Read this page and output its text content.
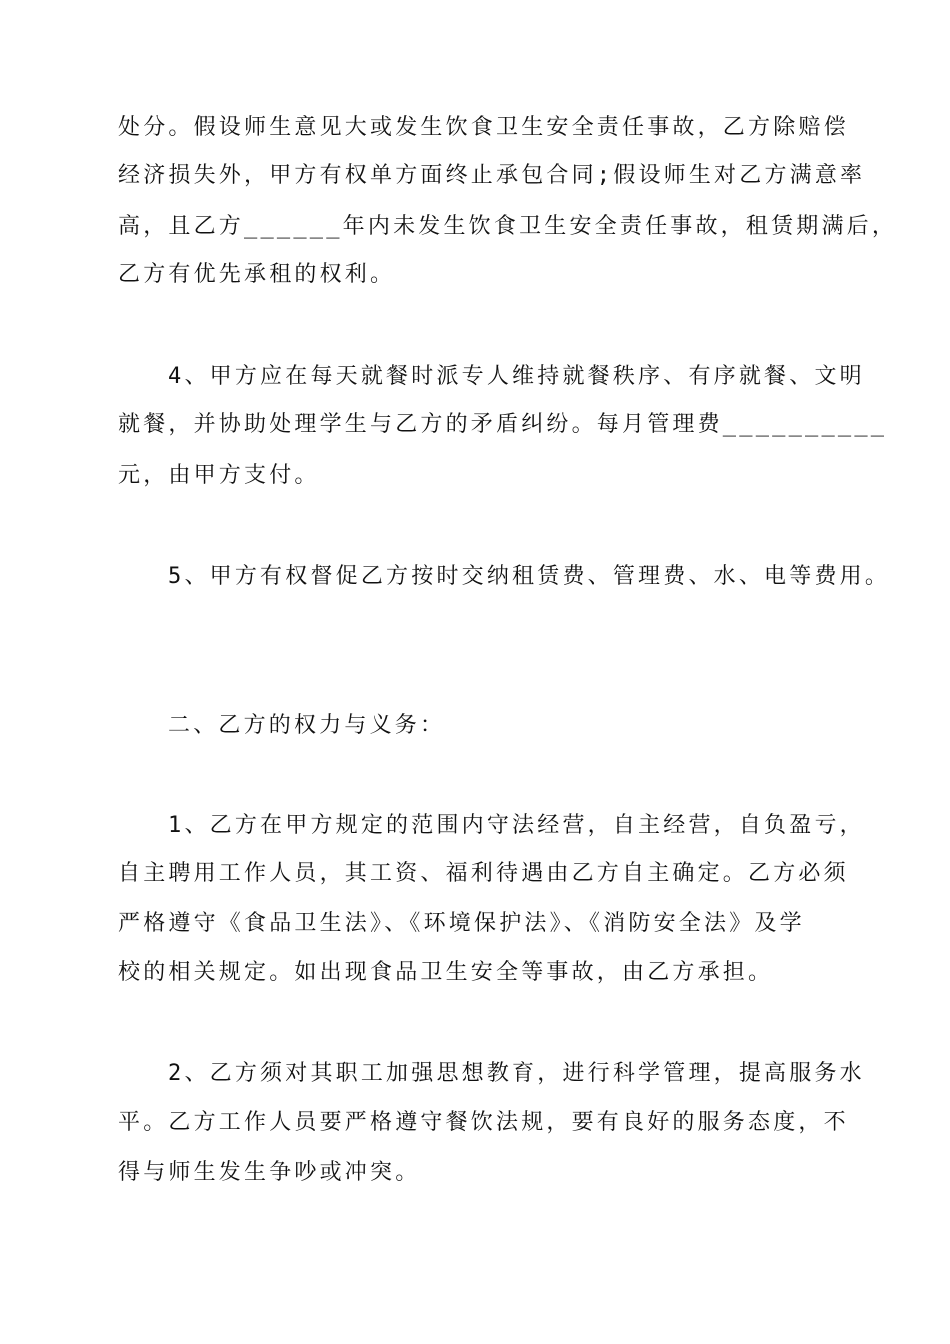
处分。假设师生意见大或发生饮食卫生安全责任事故，乙方除赔偿
经济损失外，甲方有权单方面终止承包合同;假设师生对乙方满意率
高，且乙方______年内未发生饮食卫生安全责任事故，租赁期满后，
乙方有优先承租的权利。
4、甲方应在每天就餐时派专人维持就餐秩序、有序就餐、文明
就餐，并协助处理学生与乙方的矛盾纠纷。每月管理费__________
元，由甲方支付。
5、甲方有权督促乙方按时交纳租赁费、管理费、水、电等费用。
二、乙方的权力与义务：
1、乙方在甲方规定的范围内守法经营，自主经营，自负盈亏，
自主聘用工作人员，其工资、福利待遇由乙方自主确定。乙方必须
严格遵守《食品卫生法》、《环境保护法》、《消防安全法》及学
校的相关规定。如出现食品卫生安全等事故，由乙方承担。
2、乙方须对其职工加强思想教育，进行科学管理，提高服务水
平。乙方工作人员要严格遵守餐饮法规，要有良好的服务态度，不
得与师生发生争吵或冲突。
